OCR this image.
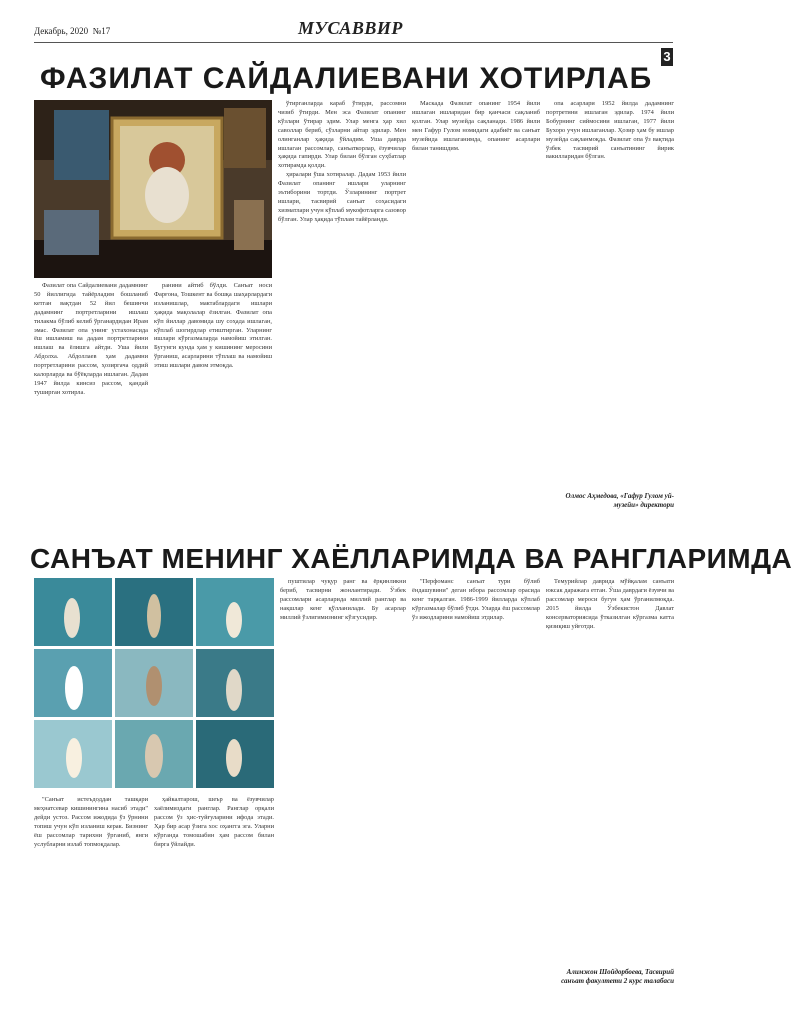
Декабрь, 2020 №17	МУСАВВИР
3
ФАЗИЛАТ САЙДАЛИЕВАНИ ХОТИРЛАБ

Фазилат опа Сайдалиевани дадамнинг 50 йиллигида тайёрладим бошланиб кетган вақтдан 52 йил бешинчи дадамнинг портретларини ишлаш тилакма бўлиб келиб ўрганардидан Ирам эмас. Фазилат опа унинг устахонасида ёш ишламиш ва дадам портретларини ишлаш ва ёлишга айтди. Уша йили Абдолха. Абдоллаев ҳам дадамни портретларини рассом, ҳозиргача оддий калорларда ва бўёқларда ишлаган. Дадам 1947 йилда кинсиз рассом, қандай туширган хотирла.

ранини айтиб бўлди. Санъат носи Фарғона, Тошкент ва бошқа шаҳарлардаги изланишлар, мактаблардаги ишлари ҳақида мақолалар ёзилган. Фазилат опа кўп йиллар давомида шу соҳада ишлаган, кўплаб шогирдлар етиштирган. Уларнинг ишлари кўргазмаларда намойиш этилган. Бугунги кунда ҳам у кишининг меросини ўрганиш, асарларини тўплаш ва намойиш этиш ишлари давом этмоқда.

ўтирганларда караб ўтирди, рассомни чизиб ўтирди. Мен эса Фазилат опанинг кўзлари ўтирар эдим. Улар менга ҳар хил саволлар бериб, сўзларни айтар эдилар. Мен олинганлар ҳақида ўйладим. Уша даврда ишлаган рассомлар, санъаткорлар, ёзувчилар ҳақида гапирди. Улар билан бўлган суҳбатлар хотирамда қолди.

ҳиралари ўша хотиралар. Дадам 1953 йили Фазилат опанинг ишлари уларнинг эътиборини тортди. Ўзларининг портрет ишлари, тасвирий санъат соҳасидаги хизматлари учун кўплаб мукофотларга сазовор бўлган. Улар ҳақида тўплам тайёрланди.

Маскада Фазилат опанинг 1954 йили ишлаган ишларидан бир қанчаси сақланиб қолган. Улар музейда сақланади. 1986 йили мен Гафур Гулом номидаги адабиёт ва санъат музейида ишлаганимда, опанинг асарлари билан танишдим.

опа асарлари 1952 йилда дадамнинг портретини ишлаган эдилар. 1974 йили Бобурнинг сиймосини ишлаган, 1977 йили Бухоро учун ишлаганлар. Ҳозир ҳам бу ишлар музейда сақланмоқда. Фазилат опа ўз вақтида ўзбек тасвирий санъатининг йирик вакилларидан бўлган.

Олмос Аҳмедова, «Гафур Гулом уй-музейи» директори
САНЪАТ МЕНИНГ ХАЁЛЛАРИМДА ВА РАНГЛАРИМДА

"Санъат истеъдоддан ташқари меҳнатсевар кишинингина насиб этади" дейди устоз. Рассом ижодида ўз ўрнини топиш учун кўп изланиш керак. Бизнинг ёш рассомлар тарихни ўрганиб, янги услубларни излаб топмоқдалар.

ҳайкалтарош, шеър ва ёзувчилар хаёлимиздаги ранглар. Ранглар орқали рассом ўз ҳис-туйғуларини ифода этади. Ҳар бир асар ўзига хос оҳангга эга. Уларни кўрганда томошабин ҳам рассом билан бирга ўйлайди.

пуштилар чуқур ранг ва ёрқинликни бериб, тасвирни жонлантиради. Ўзбек рассомлари асарларида миллий ранглар ва нақшлар кенг қўлланилади. Бу асарлар миллий ўзлигимизнинг кўзгусидир.

"Перфоманс санъат тури бўлиб ёндашувини" деган ибора рассомлар орасида кенг тарқалган. 1986-1999 йилларда кўплаб кўргазмалар бўлиб ўтди. Уларда ёш рассомлар ўз ижодларини намойиш этдилар.

Темурийлар даврида мўйқалам санъати юксак даражага етган. Ўша даврдаги ёзувчи ва рассомлар мероси бугун ҳам ўрганилмоқда. 2015 йилда Ўзбекистон Давлат консерваториясида ўтказилган кўргазма катта қизиқиш уйғотди.

Алимжон Шойдорбоева, Тасвирий санъат факултети 2 курс талабаси
